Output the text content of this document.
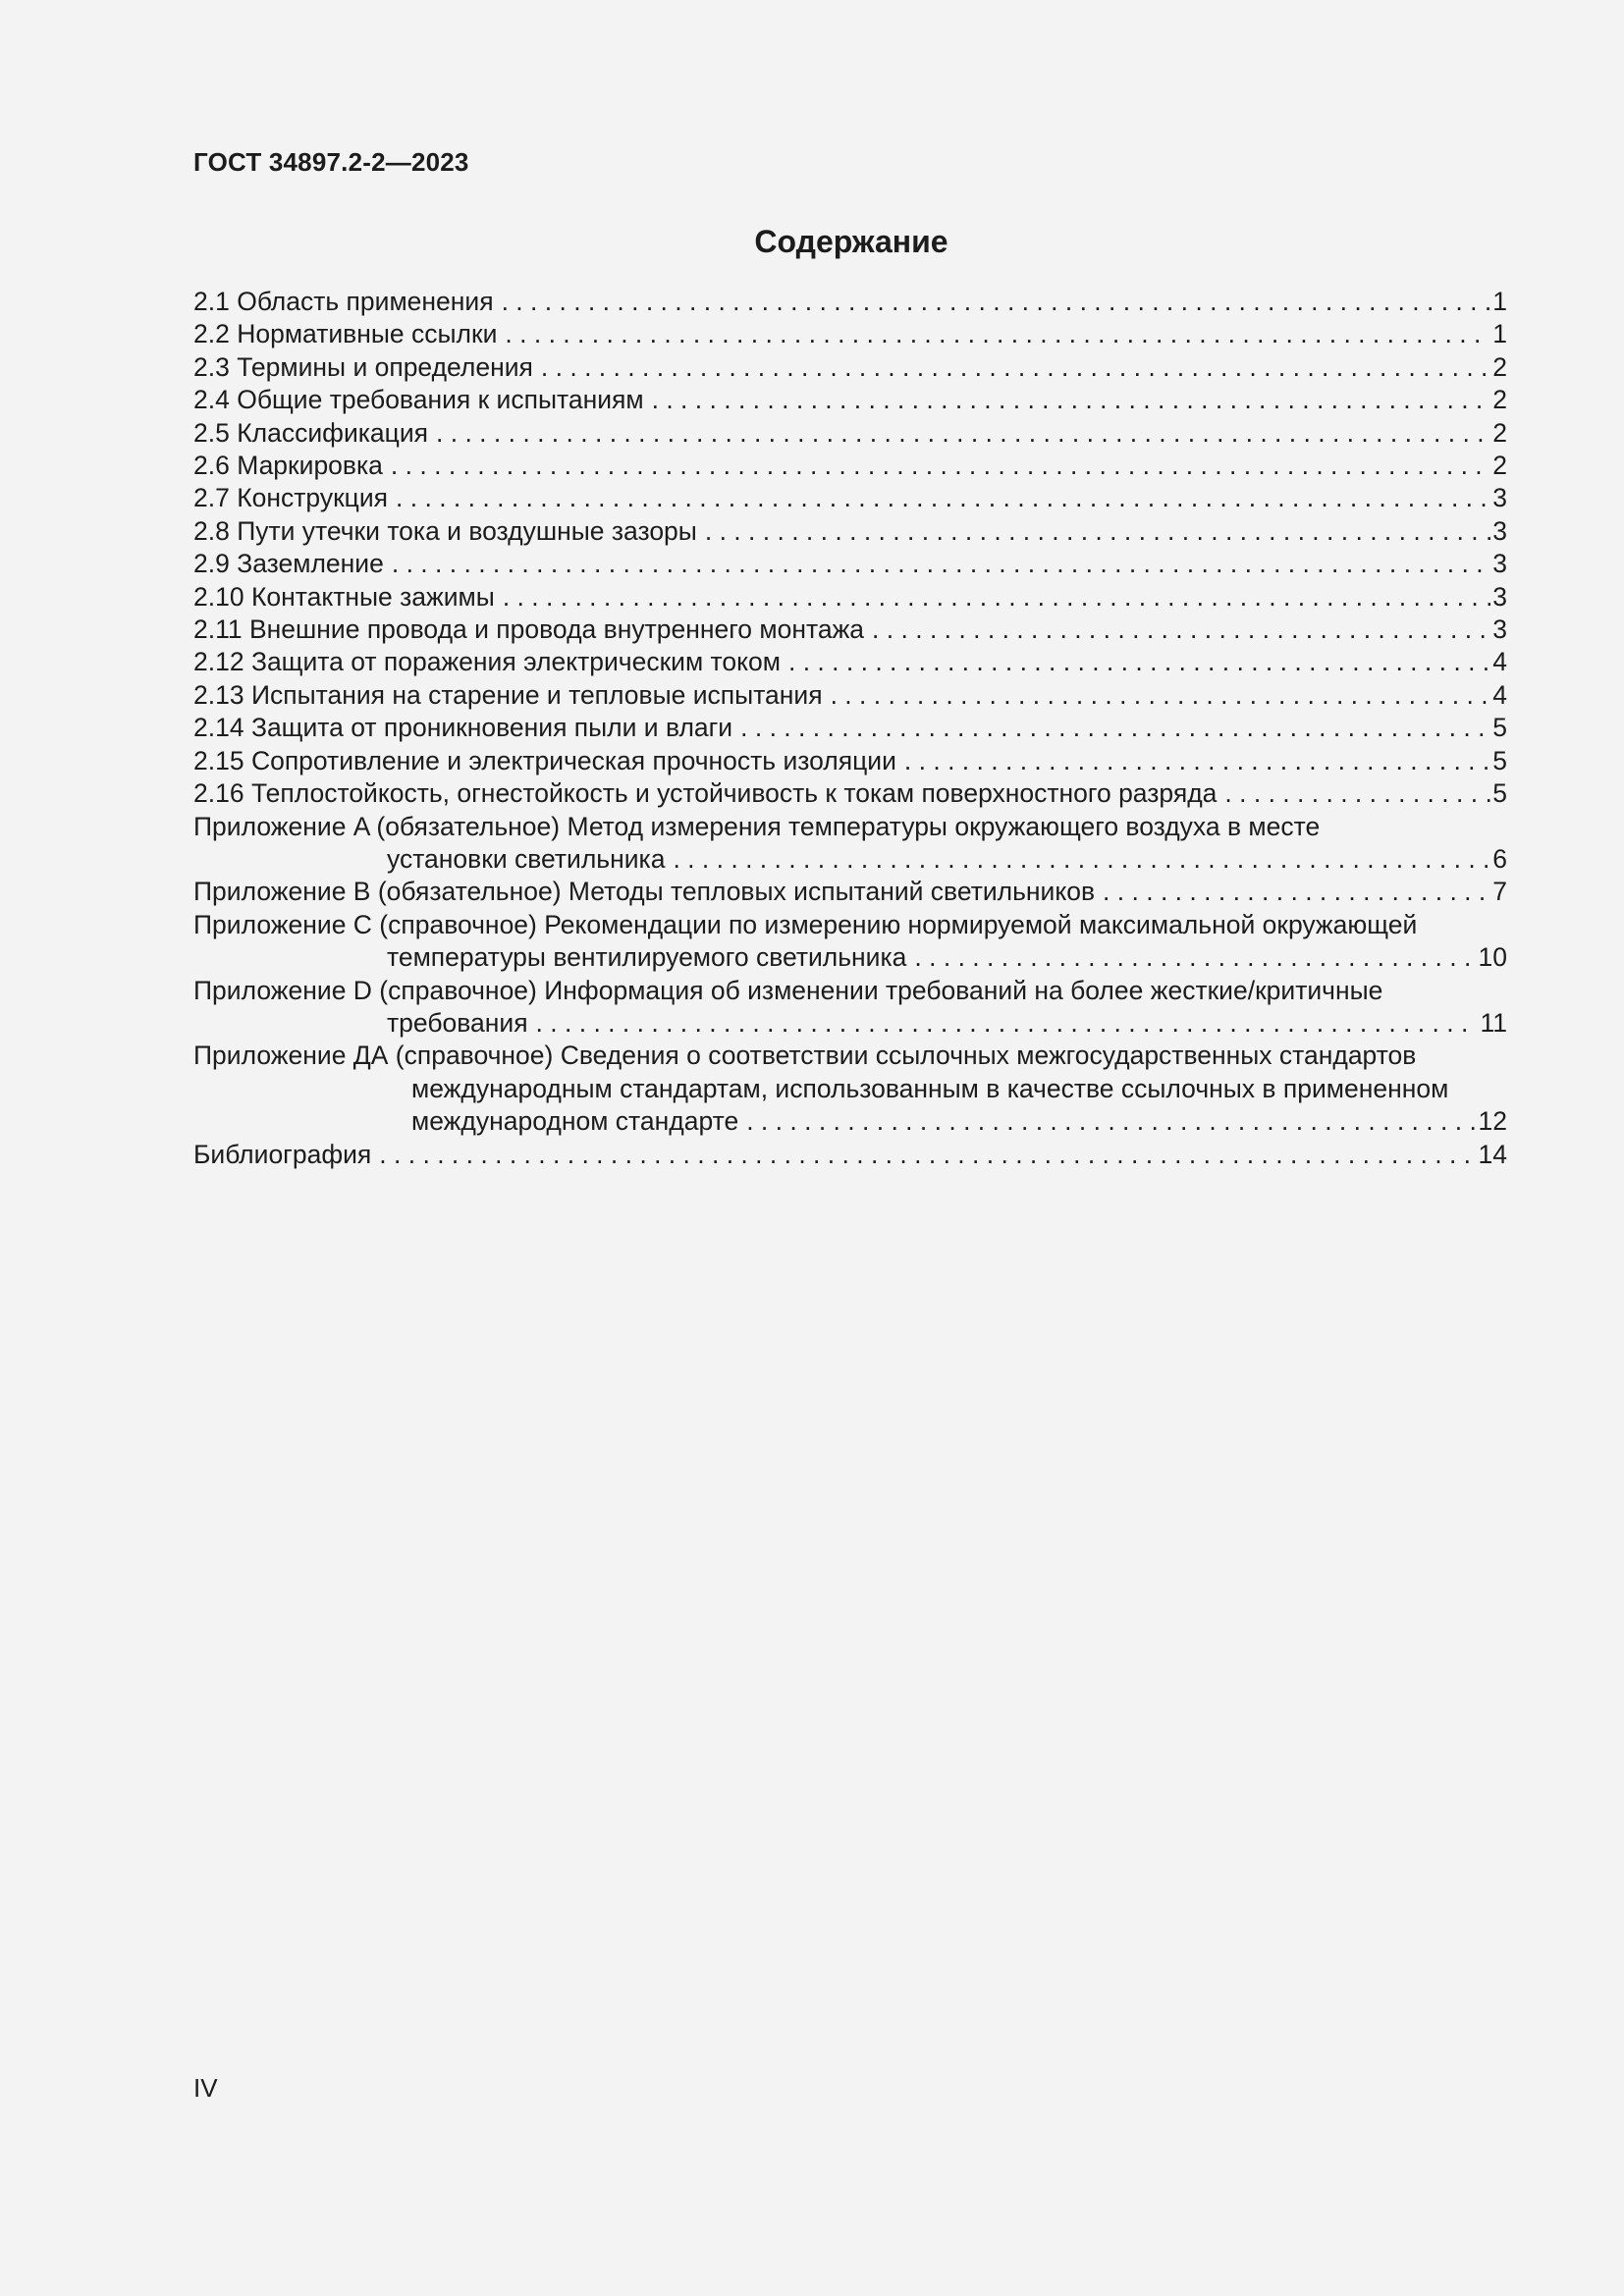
ГОСТ 34897.2-2—2023
Содержание
2.1 Область применения . . .	1
2.2 Нормативные ссылки . . .	1
2.3 Термины и определения . . .	2
2.4 Общие требования к испытаниям . . .	2
2.5 Классификация . . .	2
2.6 Маркировка . . .	2
2.7 Конструкция . . .	3
2.8 Пути утечки тока и воздушные зазоры . . .	3
2.9 Заземление . . .	3
2.10 Контактные зажимы . . .	3
2.11 Внешние провода и провода внутреннего монтажа . . .	3
2.12 Защита от поражения электрическим током . . .	4
2.13 Испытания на старение и тепловые испытания . . .	4
2.14 Защита от проникновения пыли и влаги . . .	5
2.15 Сопротивление и электрическая прочность изоляции . . .	5
2.16 Теплостойкость, огнестойкость и устойчивость к токам поверхностного разряда . . .	5
Приложение A (обязательное) Метод измерения температуры окружающего воздуха в месте
установки светильника . . .	6
Приложение B (обязательное) Методы тепловых испытаний светильников . . .	7
Приложение C (справочное) Рекомендации по измерению нормируемой максимальной окружающей
температуры вентилируемого светильника . . .	10
Приложение D (справочное) Информация об изменении требований на более жесткие/критичные
требования . . .	11
Приложение ДА (справочное) Сведения о соответствии ссылочных межгосударственных стандартов
международным стандартам, использованным в качестве ссылочных в примененном
международном стандарте . . .	12
Библиография . . .	14
IV
